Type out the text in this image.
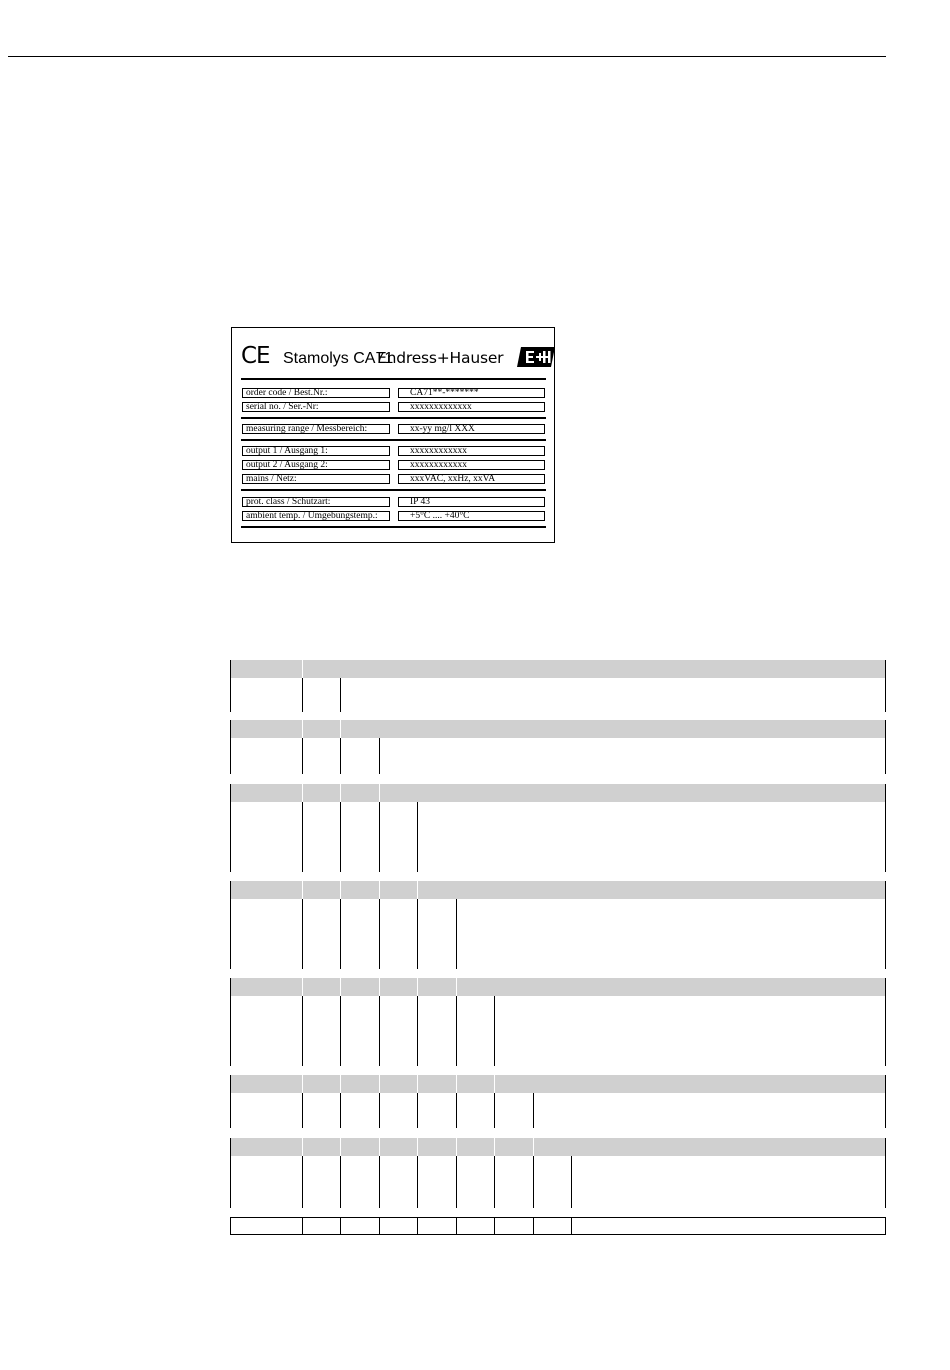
CE Stamolys CA71
Endress+Hauser
order code / Best.Nr.:	CA71**-*******
serial no. / Ser.-Nr:	xxxxxxxxxxxxx
measuring range / Messbereich:	xx-yy mg/l XXX
output 1 / Ausgang 1:	xxxxxxxxxxxx
output 2 / Ausgang 2:	xxxxxxxxxxxx
mains / Netz:	xxxVAC, xxHz, xxVA
prot. class / Schutzart:	IP 43
ambient temp. / Umgebungstemp.:	+5°C .... +40°C
